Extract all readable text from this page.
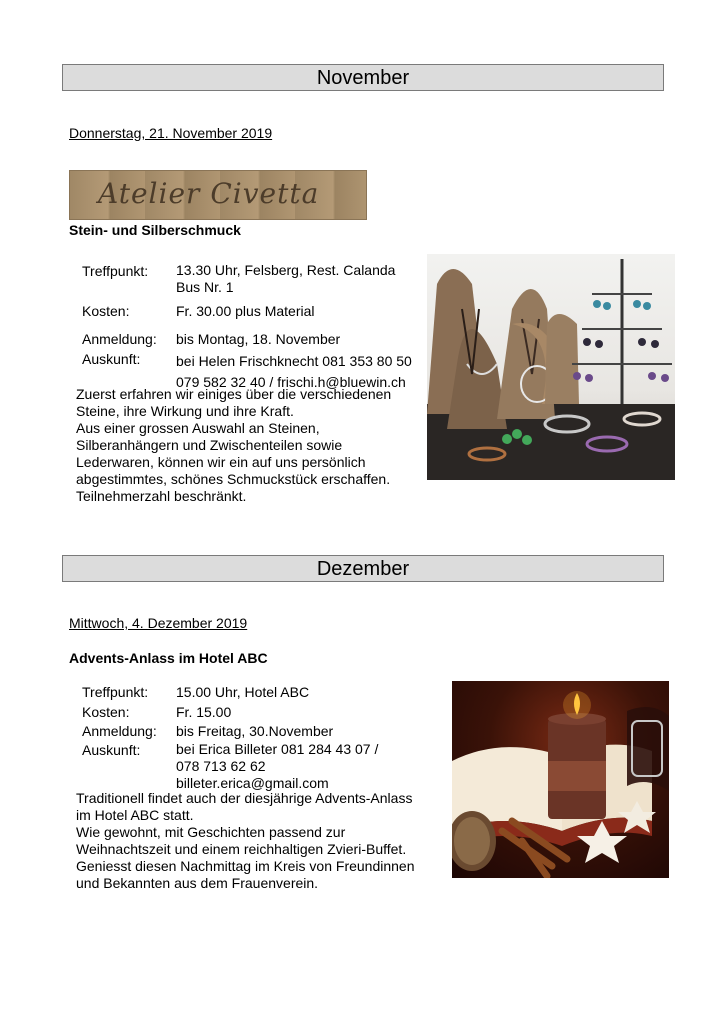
November
Donnerstag, 21. November 2019
Atelier Civetta
Stein- und Silberschmuck
Treffpunkt: 13.30 Uhr, Felsberg, Rest. Calanda
Bus Nr. 1
Kosten:	Fr. 30.00 plus Material
Anmeldung: bis Montag, 18. November
Auskunft:	bei Helen Frischknecht 081 353 80 50
079 582 32 40 / frischi.h@bluewin.ch
Zuerst erfahren wir einiges über die verschiedenen
Steine, ihre Wirkung und ihre Kraft.
Aus einer grossen Auswahl an Steinen,
Silberanhängern und Zwischenteilen sowie
Lederwaren, können wir ein auf uns persönlich
abgestimmtes, schönes Schmuckstück erschaffen.
Teilnehmerzahl beschränkt.
Dezember
Mittwoch, 4. Dezember 2019
Advents-Anlass im Hotel ABC
Treffpunkt: 15.00 Uhr, Hotel ABC
Kosten:	Fr. 15.00
Anmeldung: bis Freitag, 30.November
Auskunft:	bei Erica Billeter 081 284 43 07 /
078 713 62 62
billeter.erica@gmail.com
Traditionell findet auch der diesjährige Advents-Anlass
im Hotel ABC statt.
Wie gewohnt, mit Geschichten passend zur
Weihnachtszeit und einem reichhaltigen Zvieri-Buffet.
Geniesst diesen Nachmittag im Kreis von Freundinnen
und Bekannten aus dem Frauenverein.
